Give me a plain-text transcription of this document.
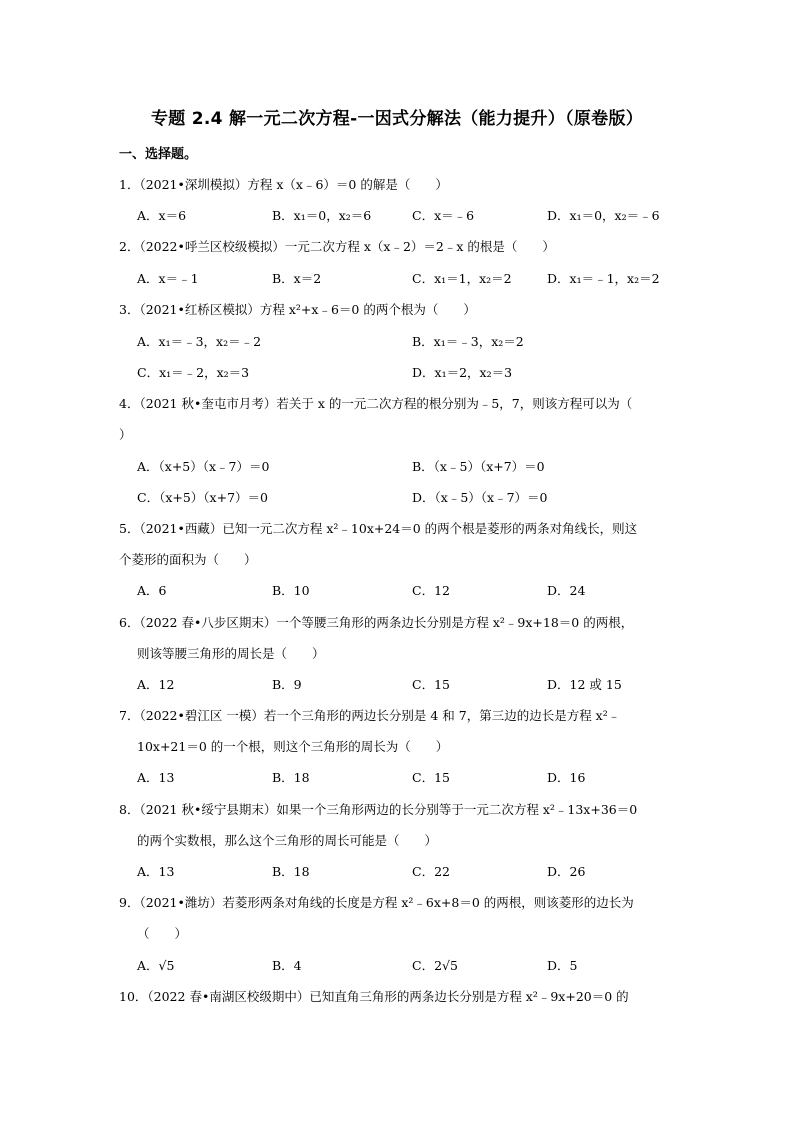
专题 2.4 解一元二次方程-一因式分解法（能力提升）（原卷版）
一、选择题。
1．（2021•深圳模拟）方程 x（x﹣6）＝0 的解是（　　）
A．x＝6	B．x₁＝0，x₂＝6	C．x＝﹣6	D．x₁＝0，x₂＝﹣6
2．（2022•呼兰区校级模拟）一元二次方程 x（x﹣2）＝2﹣x 的根是（　　）
A．x＝﹣1	B．x＝2	C．x₁＝1，x₂＝2	D．x₁＝﹣1，x₂＝2
3．（2021•红桥区模拟）方程 x²+x﹣6＝0 的两个根为（　　）
A．x₁＝﹣3，x₂＝﹣2	B．x₁＝﹣3，x₂＝2
C．x₁＝﹣2，x₂＝3	D．x₁＝2，x₂＝3
4．（2021 秋•奎屯市月考）若关于 x 的一元二次方程的根分别为﹣5，7，则该方程可以为（
）
A．（x+5）（x﹣7）＝0	B．（x﹣5）（x+7）＝0
C．（x+5）（x+7）＝0	D．（x﹣5）（x﹣7）＝0
5．（2021•西藏）已知一元二次方程 x²﹣10x+24＝0 的两个根是菱形的两条对角线长，则这
个菱形的面积为（　　）
A．6	B．10	C．12	D．24
6．（2022 春•八步区期末）一个等腰三角形的两条边长分别是方程 x²﹣9x+18＝0 的两根，
则该等腰三角形的周长是（　　）
A．12	B．9	C．15	D．12 或 15
7．（2022•碧江区 一模）若一个三角形的两边长分别是 4 和 7，第三边的边长是方程 x²﹣
10x+21＝0 的一个根，则这个三角形的周长为（　　）
A．13	B．18	C．15	D．16
8．（2021 秋•绥宁县期末）如果一个三角形两边的长分别等于一元二次方程 x²﹣13x+36＝0
的两个实数根，那么这个三角形的周长可能是（　　）
A．13	B．18	C．22	D．26
9．（2021•潍坊）若菱形两条对角线的长度是方程 x²﹣6x+8＝0 的两根，则该菱形的边长为
（　　）
A．√5	B．4	C．2√5	D．5
10．（2022 春•南湖区校级期中）已知直角三角形的两条边长分别是方程 x²﹣9x+20＝0 的
